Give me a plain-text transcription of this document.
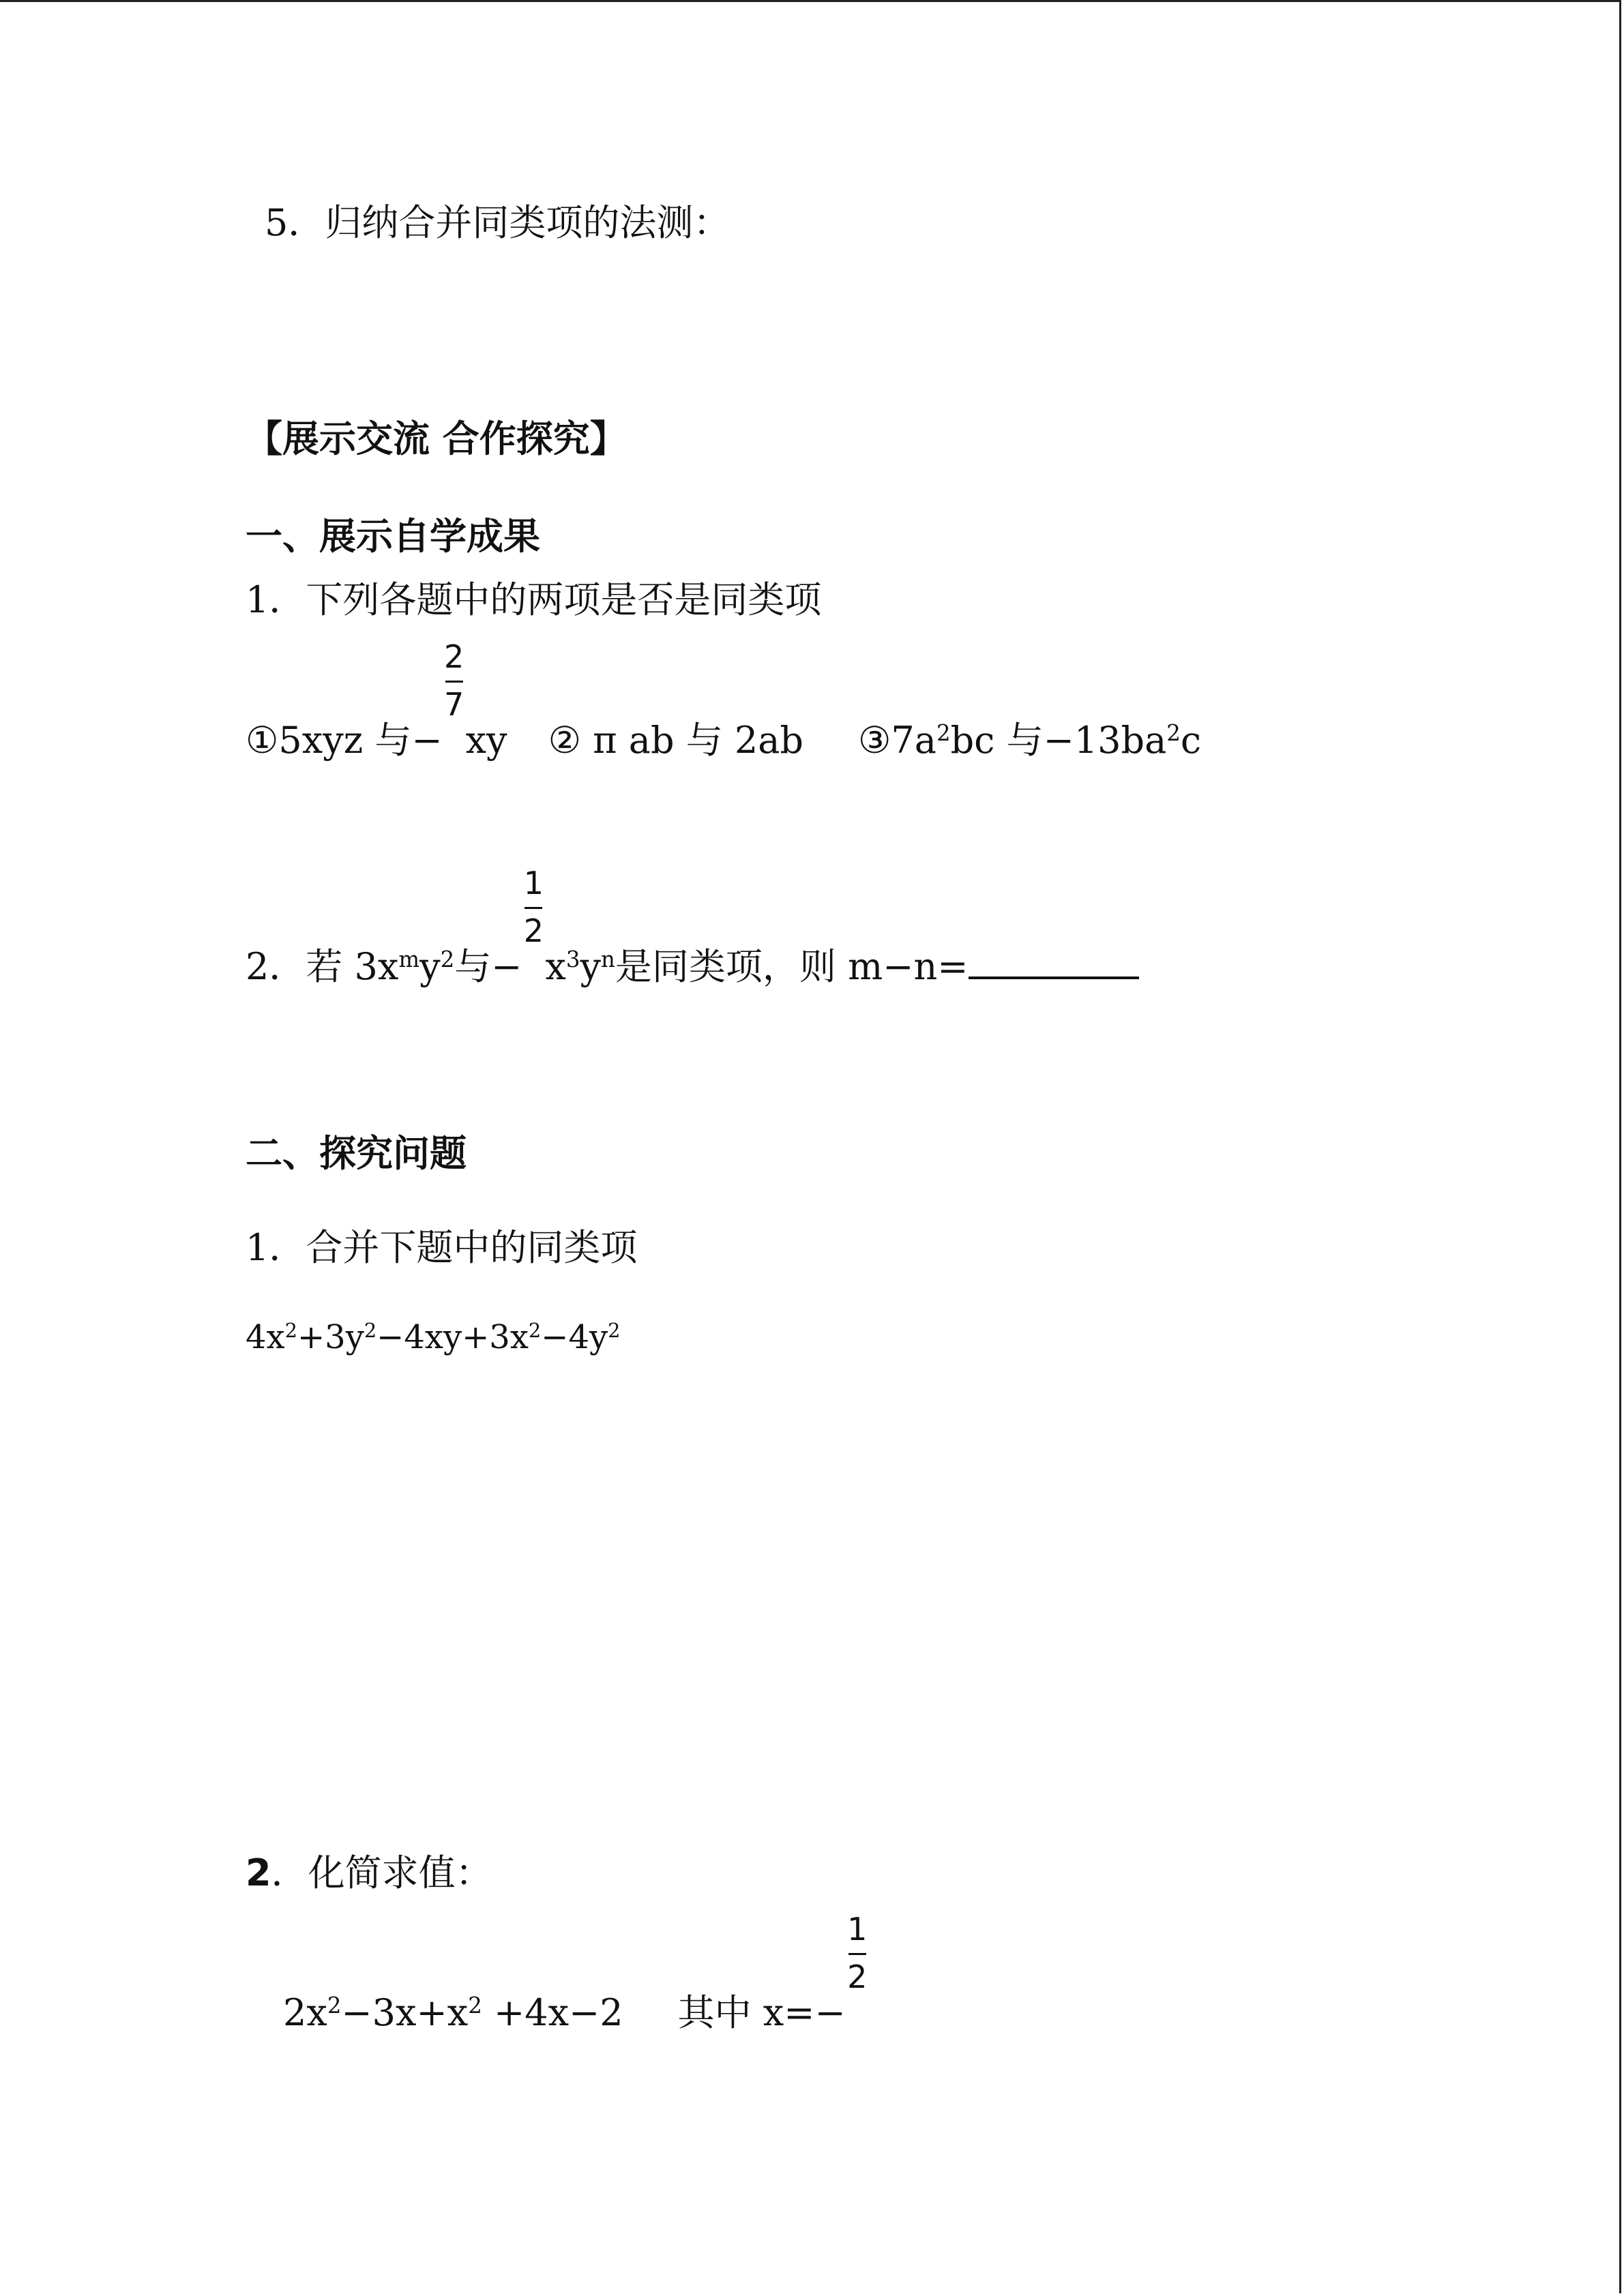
5．归纳合并同类项的法测：
【展示交流 合作探究】
一、展示自学成果
1．下列各题中的两项是否是同类项
①5xyz 与− $\frac{2}{7}$ xy ② π ab 与 2ab $③7a^2bc$ 与$-13ba^2c$
2．若 $3x^my^2$与− $\frac{1}{2} x^3y^n$是同类项，则 m−n=
二、探究问题
1．合并下题中的同类项
$4x^2+3y^2-4xy+3x^2-4y^2$
2．化简求值：
$2x^2-3x+x^2 +4x-2$ 其中 $x=- \frac{1}{2}$
